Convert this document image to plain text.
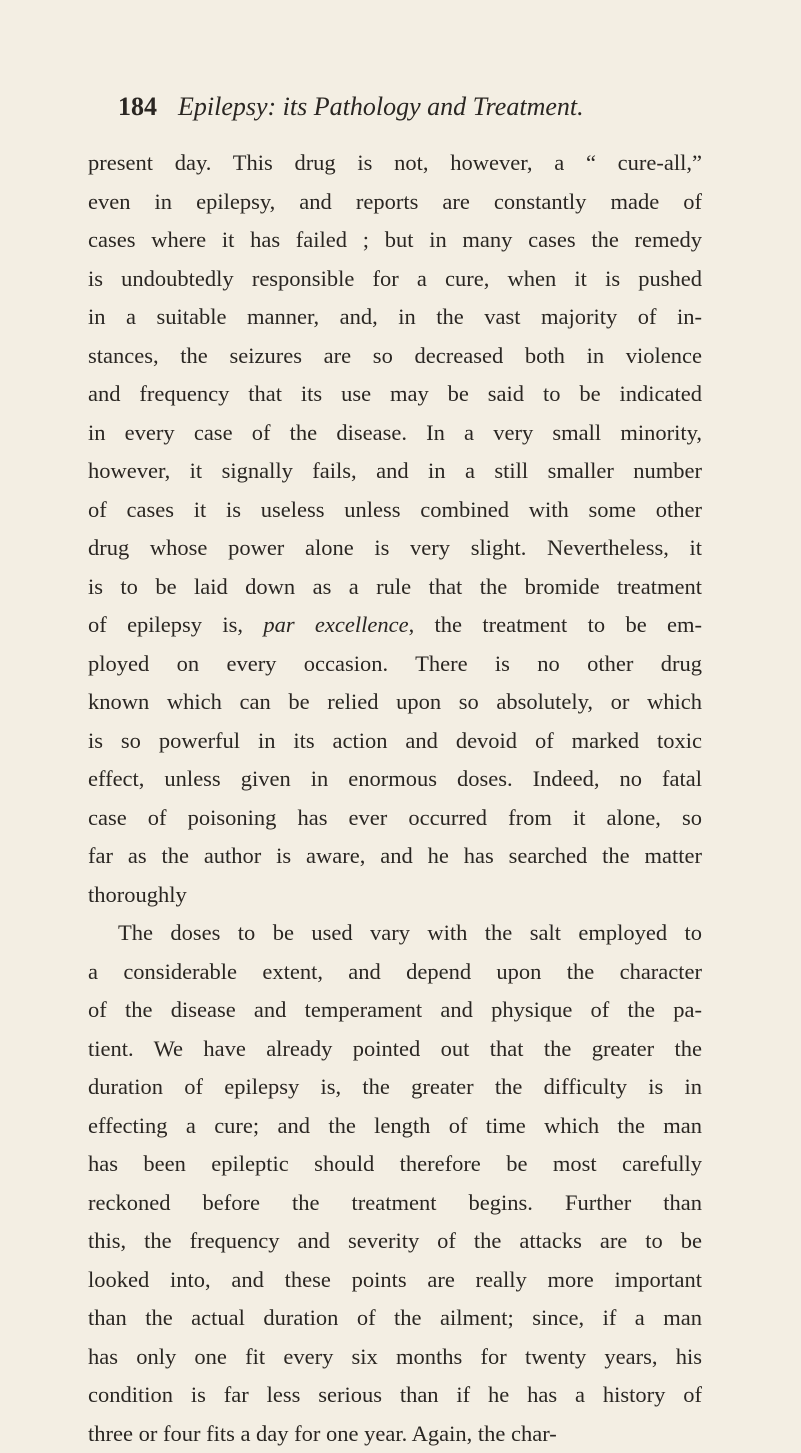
184 Epilepsy: its Pathology and Treatment.
present day. This drug is not, however, a “ cure-all,”
even in epilepsy, and reports are constantly made of
cases where it has failed ; but in many cases the remedy
is undoubtedly responsible for a cure, when it is pushed
in a suitable manner, and, in the vast majority of in-
stances, the seizures are so decreased both in violence
and frequency that its use may be said to be indicated
in every case of the disease. In a very small minority,
however, it signally fails, and in a still smaller number
of cases it is useless unless combined with some other
drug whose power alone is very slight. Nevertheless, it
is to be laid down as a rule that the bromide treatment
of epilepsy is, par excellence, the treatment to be em-
ployed on every occasion. There is no other drug
known which can be relied upon so absolutely, or which
is so powerful in its action and devoid of marked toxic
effect, unless given in enormous doses. Indeed, no fatal
case of poisoning has ever occurred from it alone, so
far as the author is aware, and he has searched the matter
thoroughly
The doses to be used vary with the salt employed to
a considerable extent, and depend upon the character
of the disease and temperament and physique of the pa-
tient. We have already pointed out that the greater the
duration of epilepsy is, the greater the difficulty is in
effecting a cure; and the length of time which the man
has been epileptic should therefore be most carefully
reckoned before the treatment begins. Further than
this, the frequency and severity of the attacks are to be
looked into, and these points are really more important
than the actual duration of the ailment; since, if a man
has only one fit every six months for twenty years, his
condition is far less serious than if he has a history of
three or four fits a day for one year. Again, the char-
